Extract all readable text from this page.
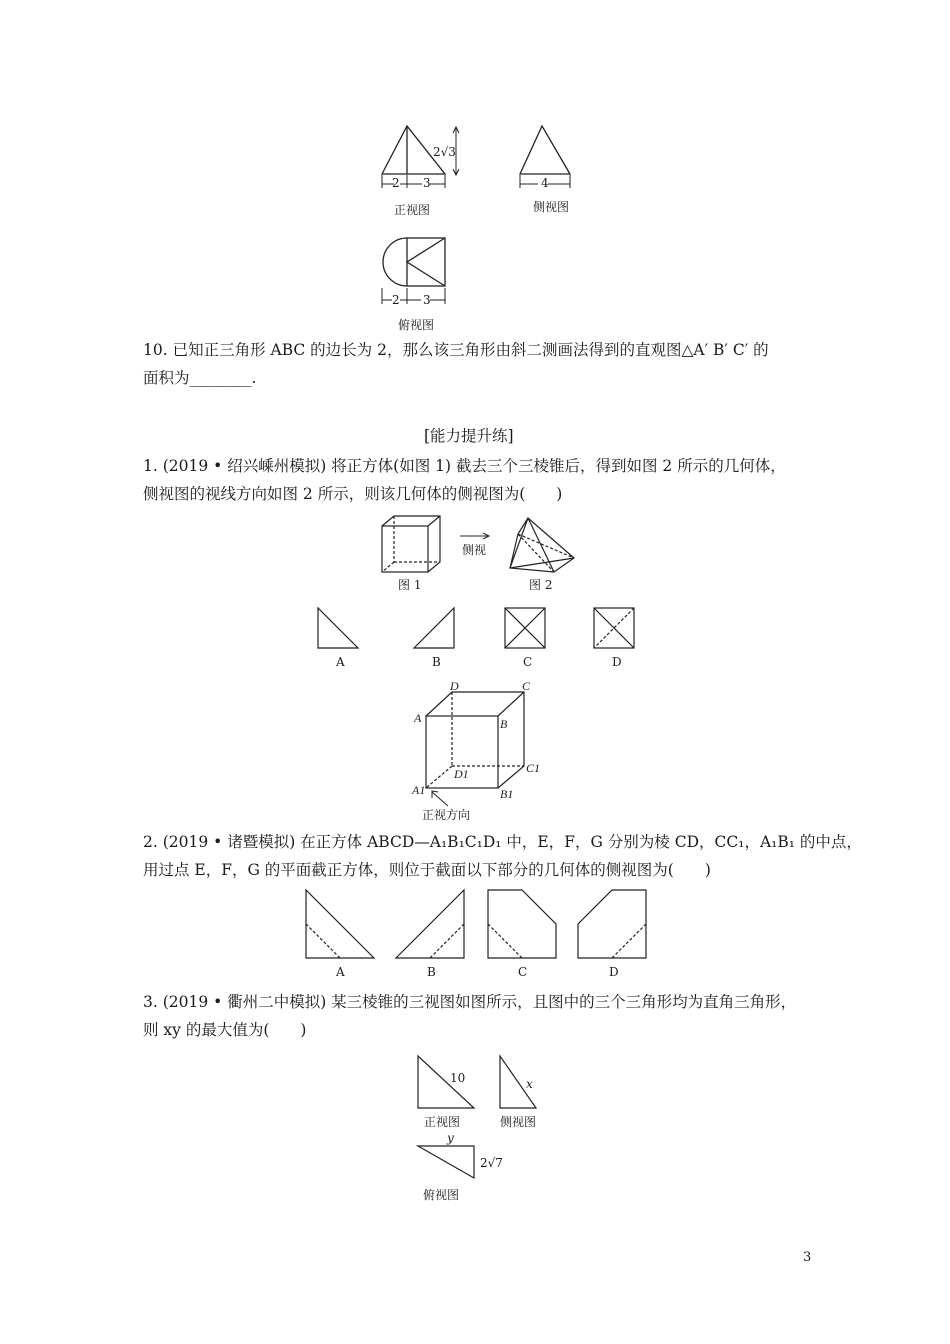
2 3
2√3
4
正视图	侧视图
2 3
俯视图
10. 已知正三角形 ABC 的边长为 2，那么该三角形由斜二测画法得到的直观图△A′ B′ C′ 的
面积为________.
[能力提升练]
1. (2019 • 绍兴嵊州模拟) 将正方体(如图 1) 截去三个三棱锥后，得到如图 2 所示的几何体，
侧视图的视线方向如图 2 所示，则该几何体的侧视图为(　　)
侧视
图 1	图 2
A	B	C	D
D	C
A	B
D1	C1
A1	B1
正视方向
2. (2019 • 诸暨模拟) 在正方体 ABCD—A₁B₁C₁D₁ 中，E，F，G 分别为棱 CD，CC₁，A₁B₁ 的中点，
用过点 E，F，G 的平面截正方体，则位于截面以下部分的几何体的侧视图为(　　)
A	B	C	D
3. (2019 • 衢州二中模拟) 某三棱锥的三视图如图所示，且图中的三个三角形均为直角三角形，
则 xy 的最大值为(　　)
10	x
正视图	侧视图
y
2√7
俯视图
3
